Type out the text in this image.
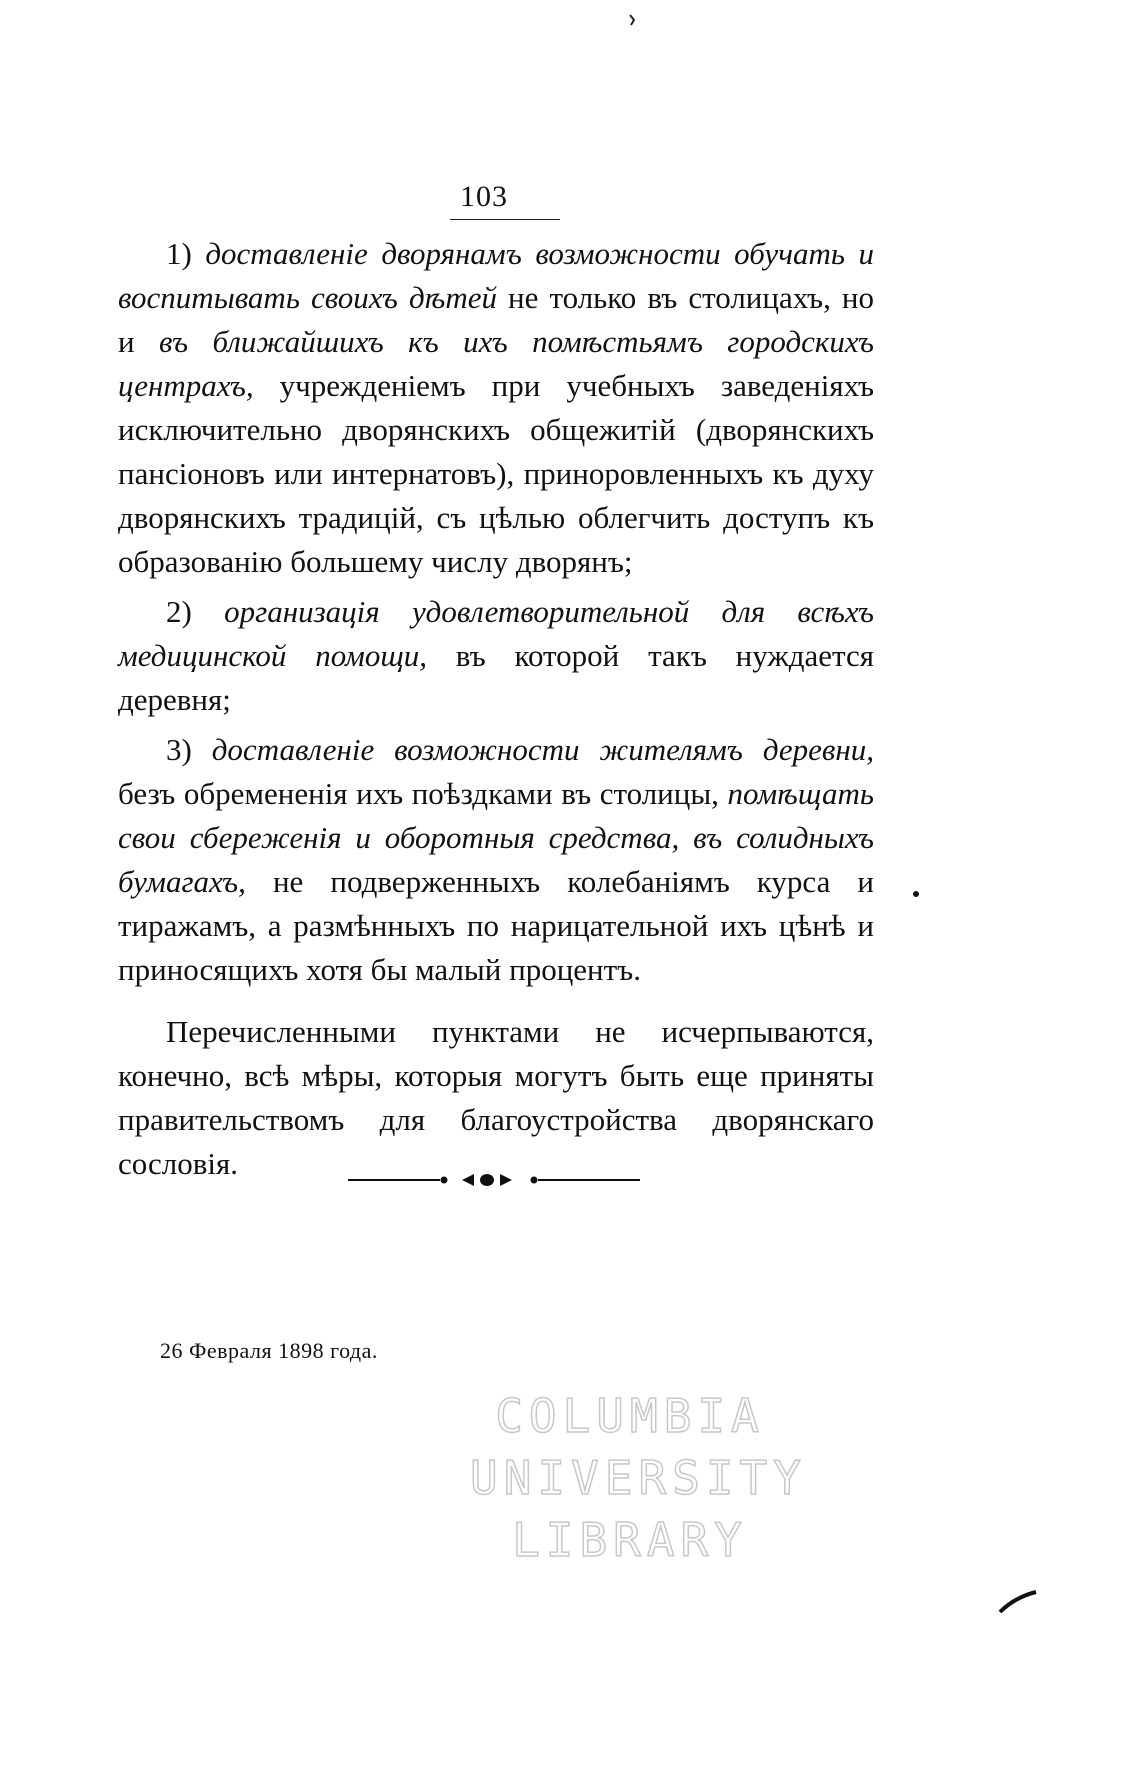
103

1) доставленіе дворянамъ возможности обучать и воспитывать своихъ дѣтей не только въ столицахъ, но и въ ближайшихъ къ ихъ помѣстьямъ городскихъ центрахъ, учрежденіемъ при учебныхъ заведеніяхъ исключительно дворянскихъ общежитій (дворянскихъ пансіоновъ или интернатовъ), приноровленныхъ къ духу дворянскихъ традицій, съ цѣлью облегчить доступъ къ образованію большему числу дворянъ;

2) организація удовлетворительной для всѣхъ медицинской помощи, въ которой такъ нуждается деревня;

3) доставленіе возможности жителямъ деревни, безъ обремененія ихъ поѣздками въ столицы, помѣщать свои сбереженія и оборотныя средства, въ солидныхъ бумагахъ, не подверженныхъ колебаніямъ курса и тиражамъ, а размѣнныхъ по нарицательной ихъ цѣнѣ и приносящихъ хотя бы малый процентъ.

Перечисленными пунктами не исчерпываются, конечно, всѣ мѣры, которыя могутъ быть еще приняты правительствомъ для благоустройства дворянскаго сословія.

26 Февраля 1898 года.
COLUMBIA
UNIVERSITY
LIBRARY
